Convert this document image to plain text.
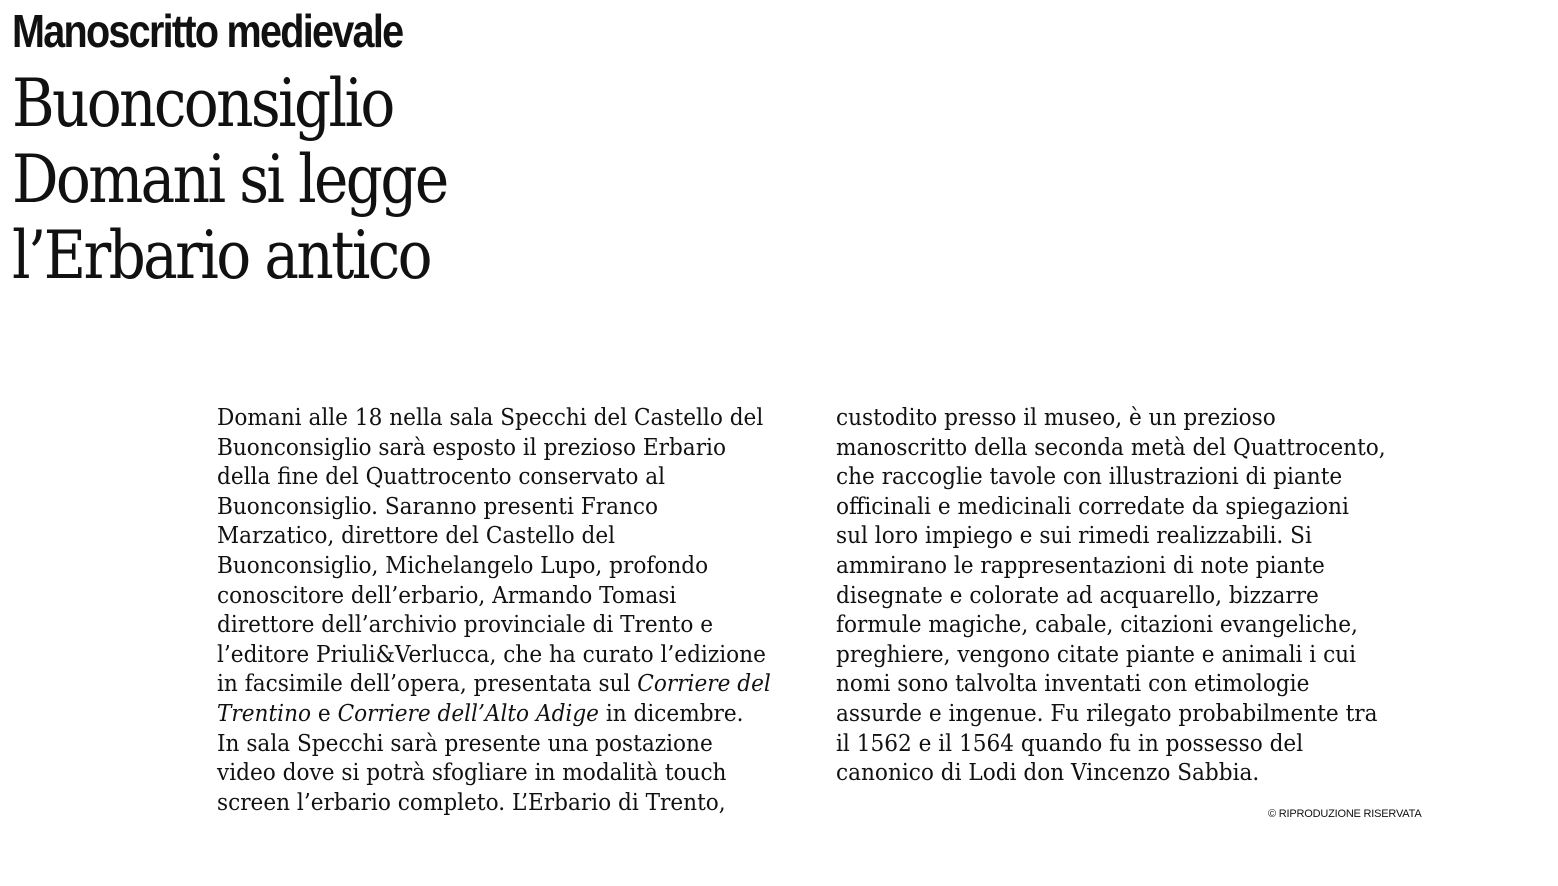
Manoscritto medievale
Buonconsiglio
Domani si legge
l’Erbario antico
Domani alle 18 nella sala Specchi del Castello del
Buonconsiglio sarà esposto il prezioso Erbario
della fine del Quattrocento conservato al
Buonconsiglio. Saranno presenti Franco
Marzatico, direttore del Castello del
Buonconsiglio, Michelangelo Lupo, profondo
conoscitore dell’erbario, Armando Tomasi
direttore dell’archivio provinciale di Trento e
l’editore Priuli&Verlucca, che ha curato l’edizione
in facsimile dell’opera, presentata sul Corriere del
Trentino e Corriere dell’Alto Adige in dicembre.
In sala Specchi sarà presente una postazione
video dove si potrà sfogliare in modalità touch
screen l’erbario completo. L’Erbario di Trento,
custodito presso il museo, è un prezioso
manoscritto della seconda metà del Quattrocento,
che raccoglie tavole con illustrazioni di piante
officinali e medicinali corredate da spiegazioni
sul loro impiego e sui rimedi realizzabili. Si
ammirano le rappresentazioni di note piante
disegnate e colorate ad acquarello, bizzarre
formule magiche, cabale, citazioni evangeliche,
preghiere, vengono citate piante e animali i cui
nomi sono talvolta inventati con etimologie
assurde e ingenue. Fu rilegato probabilmente tra
il 1562 e il 1564 quando fu in possesso del
canonico di Lodi don Vincenzo Sabbia.
© RIPRODUZIONE RISERVATA
